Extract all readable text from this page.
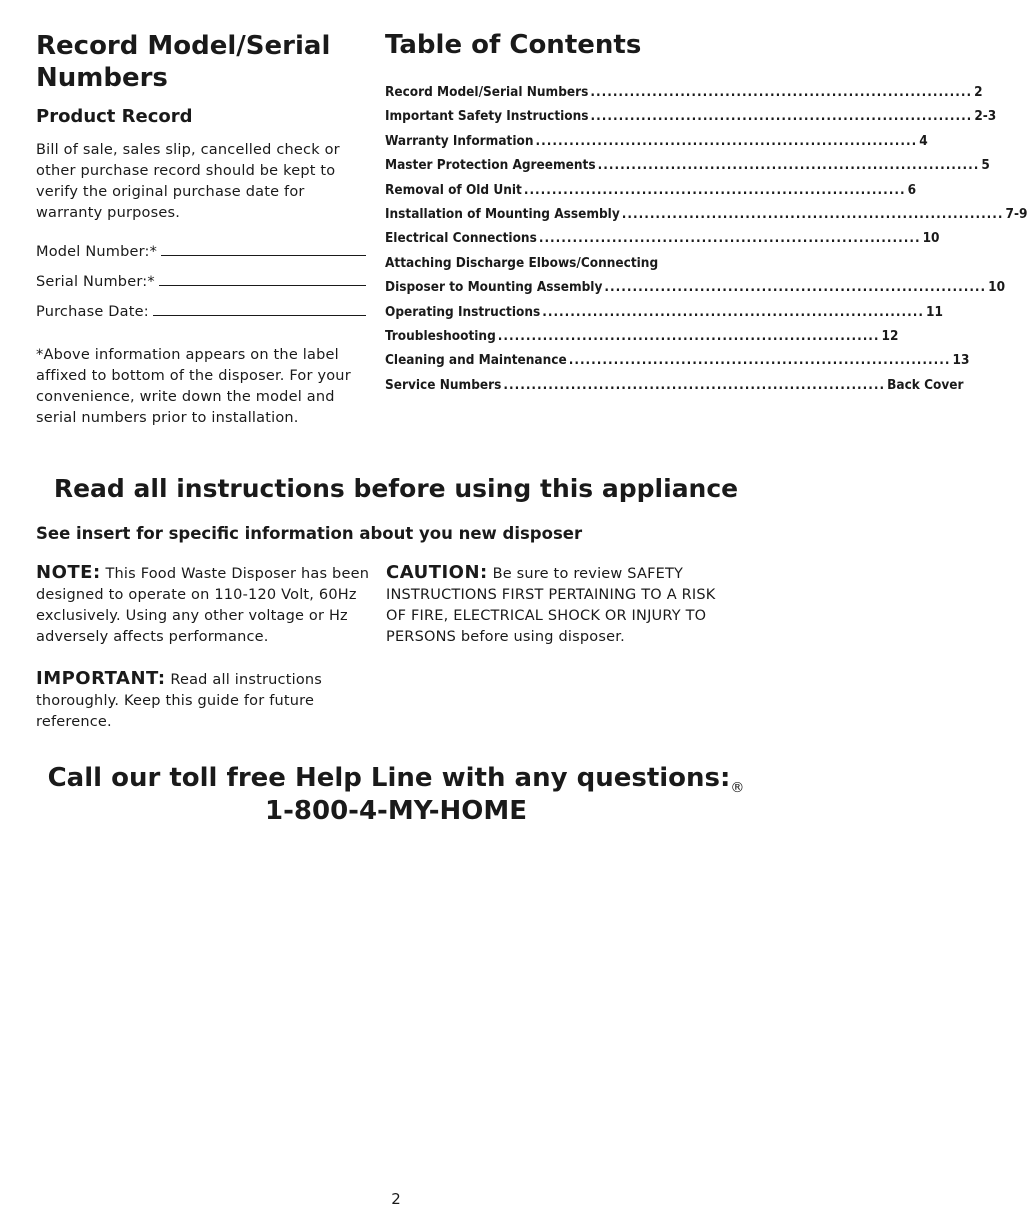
Record Model/Serial Numbers
Product Record

Bill of sale, sales slip, cancelled check or other purchase record should be kept to verify the original purchase date for warranty purposes.

Model Number:*
Serial Number:*
Purchase Date:

*Above information appears on the label affixed to bottom of the disposer. For your convenience, write down the model and serial numbers prior to installation.

Table of Contents
Record Model/Serial Numbers .................................................................... 2
Important Safety Instructions .................................................................... 2-3
Warranty Information .................................................................... 4
Master Protection Agreements .................................................................... 5
Removal of Old Unit .................................................................... 6
Installation of Mounting Assembly .................................................................... 7-9
Electrical Connections .................................................................... 10
Attaching Discharge Elbows/Connecting
Disposer to Mounting Assembly .................................................................... 10
Operating Instructions .................................................................... 11
Troubleshooting .................................................................... 12
Cleaning and Maintenance .................................................................... 13
Service Numbers .................................................................... Back Cover
Read all instructions before using this appliance
See insert for specific information about you new disposer

NOTE: This Food Waste Disposer has been designed to operate on 110-120 Volt, 60Hz exclusively. Using any other voltage or Hz adversely affects performance.

CAUTION: Be sure to review SAFETY INSTRUCTIONS FIRST PERTAINING TO A RISK OF FIRE, ELECTRICAL SHOCK OR INJURY TO PERSONS before using disposer.

IMPORTANT: Read all instructions thoroughly. Keep this guide for future reference.

Call our toll free Help Line with any $questions:_®$

1-800-4-MY-HOME

2
